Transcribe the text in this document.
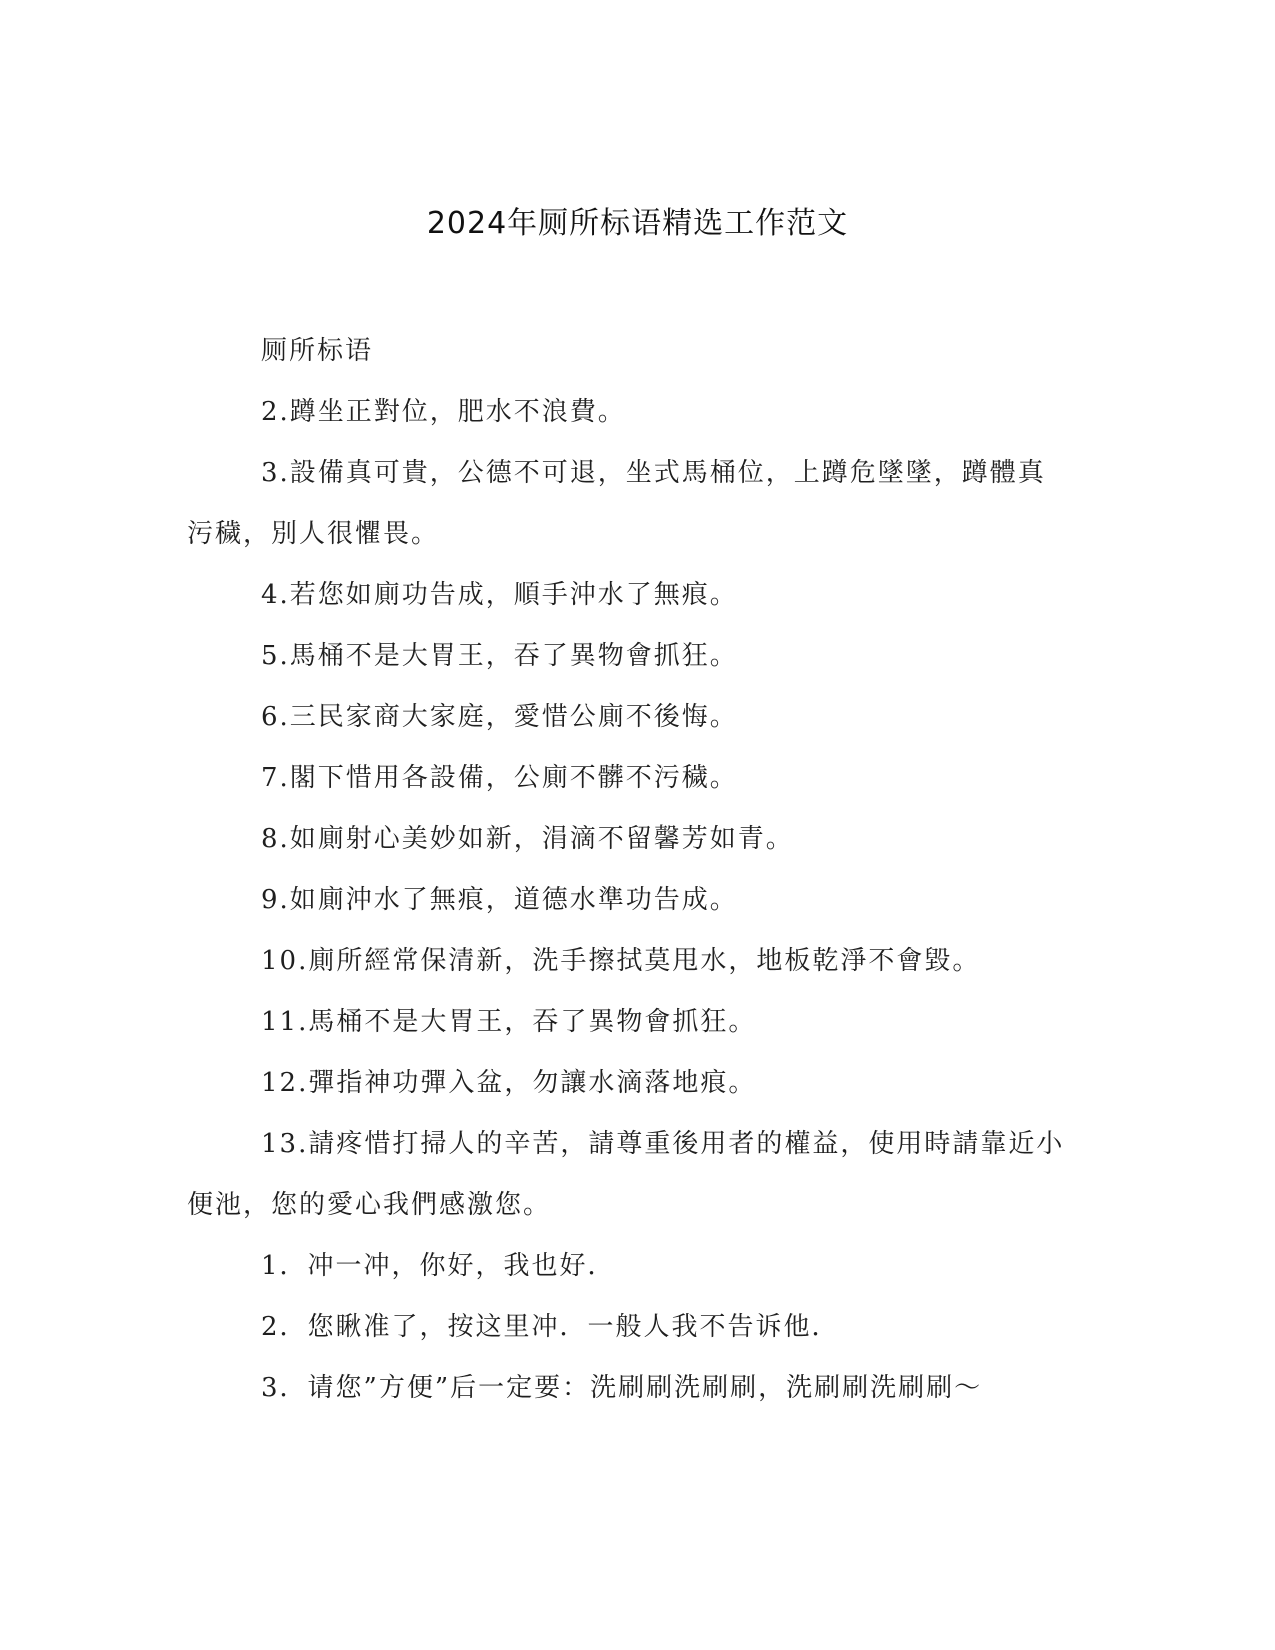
2024年厕所标语精选工作范文

厕所标语

2.蹲坐正對位，肥水不浪費。

3.設備真可貴，公德不可退，坐式馬桶位，上蹲危墜墜，蹲體真污穢，別人很懼畏。

4.若您如廁功告成，順手沖水了無痕。

5.馬桶不是大胃王，吞了異物會抓狂。

6.三民家商大家庭，愛惜公廁不後悔。

7.閣下惜用各設備，公廁不髒不污穢。

8.如廁射心美妙如新，涓滴不留馨芳如青。

9.如廁沖水了無痕，道德水準功告成。

10.廁所經常保清新，洗手擦拭莫甩水，地板乾淨不會毀。

11.馬桶不是大胃王，吞了異物會抓狂。

12.彈指神功彈入盆，勿讓水滴落地痕。

13.請疼惜打掃人的辛苦，請尊重後用者的權益，使用時請靠近小便池，您的愛心我們感激您。

1．冲一冲，你好，我也好．

2．您瞅准了，按这里冲．一般人我不告诉他．

3．请您”方便”后一定要：洗刷刷洗刷刷，洗刷刷洗刷刷～
